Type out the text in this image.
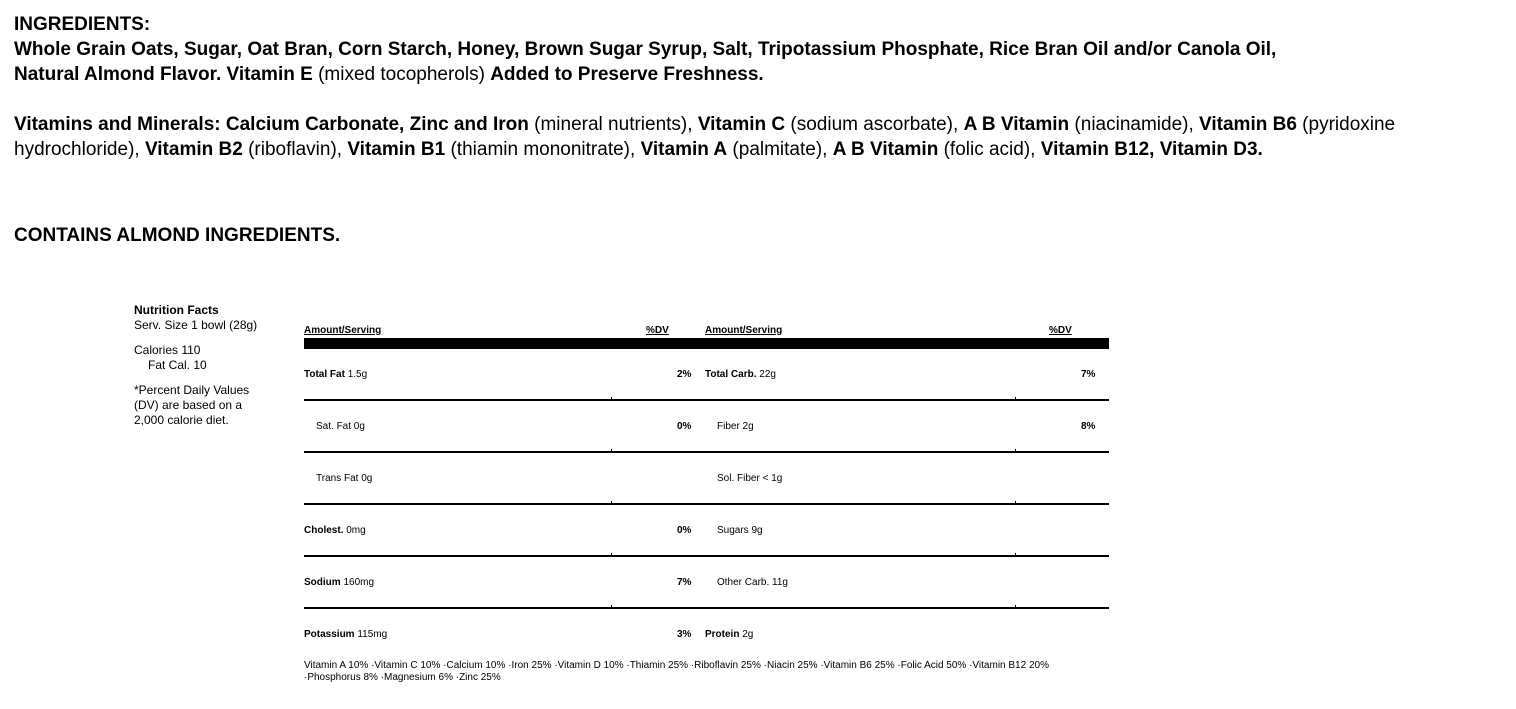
INGREDIENTS:

Whole Grain Oats, Sugar, Oat Bran, Corn Starch, Honey, Brown Sugar Syrup, Salt, Tripotassium Phosphate, Rice Bran Oil and/or Canola Oil,

Natural Almond Flavor. Vitamin E (mixed tocopherols) Added to Preserve Freshness.

Vitamins and Minerals: Calcium Carbonate, Zinc and Iron (mineral nutrients), Vitamin C (sodium ascorbate), A B Vitamin (niacinamide), Vitamin B6 (pyridoxine hydrochloride), Vitamin B2 (riboflavin), Vitamin B1 (thiamin mononitrate), Vitamin A (palmitate), A B Vitamin (folic acid), Vitamin B12, Vitamin D3.

CONTAINS ALMOND INGREDIENTS.
Nutrition Facts
Serv. Size 1 bowl (28g)
Calories 110
Fat Cal. 10
*Percent Daily Values
(DV) are based on a
2,000 calorie diet.
Amount/Serving	%DV	Amount/Serving	%DV
Total Fat 1.5g	2% Total Carb. 22g	7%
Sat. Fat 0g	0%	Fiber 2g	8%
Trans Fat 0g	Sol. Fiber < 1g
Cholest. 0mg	0%	Sugars 9g
Sodium 160mg	7%	Other Carb. 11g
Potassium 115mg	3% Protein 2g
Vitamin A 10% ·Vitamin C 10% ·Calcium 10% ·Iron 25% ·Vitamin D 10% ·Thiamin 25% ·Riboflavin 25% ·Niacin 25% ·Vitamin B6 25% ·Folic Acid 50% ·Vitamin B12 20%
·Phosphorus 8% ·Magnesium 6% ·Zinc 25%
